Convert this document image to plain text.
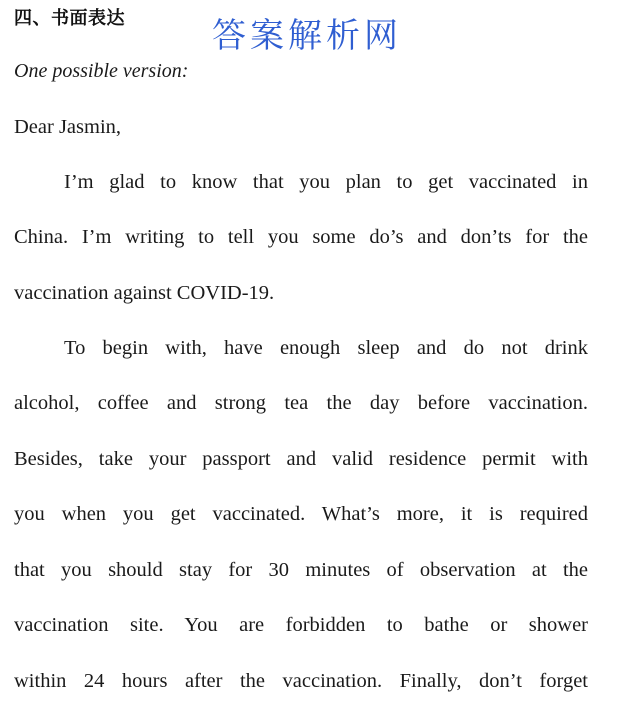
四、书面表达	答案解析网
One possible version:
Dear Jasmin,
I’m glad to know that you plan to get vaccinated in
China. I’m writing to tell you some do’s and don’ts for the
vaccination against COVID-19.
To begin with, have enough sleep and do not drink
alcohol, coffee and strong tea the day before vaccination.
Besides, take your passport and valid residence permit with
you when you get vaccinated. What’s more, it is required
that you should stay for 30 minutes of observation at the
vaccination site. You are forbidden to bathe or shower
within 24 hours after the vaccination. Finally, don’t forget
